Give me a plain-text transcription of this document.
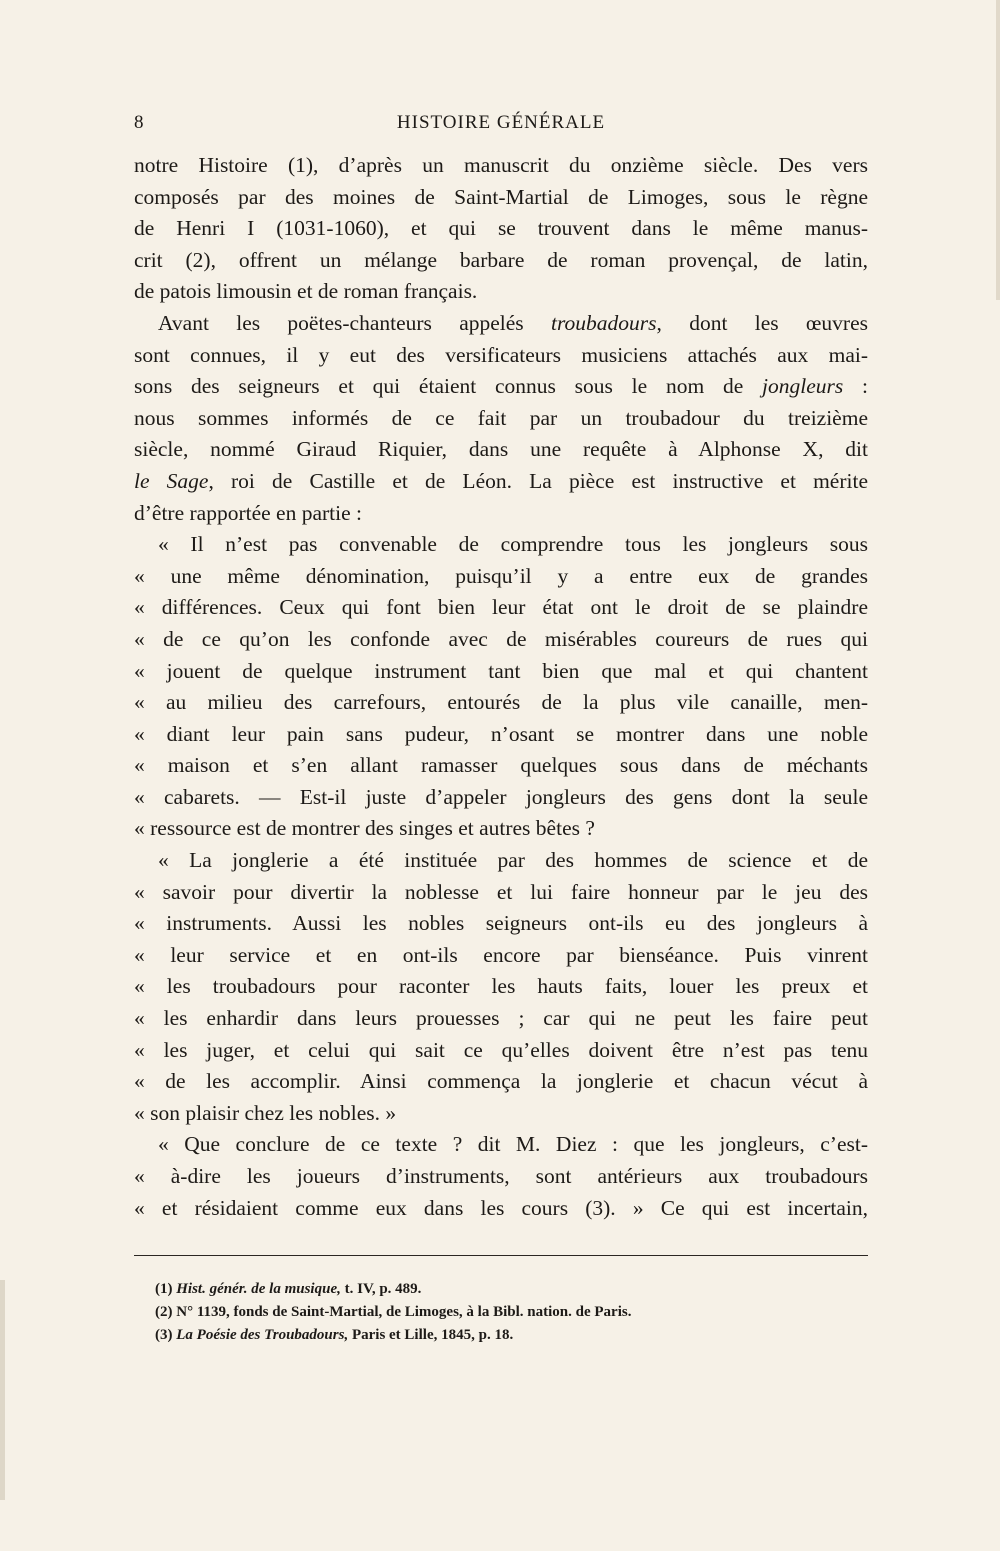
8	HISTOIRE GÉNÉRALE
notre Histoire (1), d’après un manuscrit du onzième siècle. Des vers
composés par des moines de Saint-Martial de Limoges, sous le règne
de Henri I (1031-1060), et qui se trouvent dans le même manus-
crit (2), offrent un mélange barbare de roman provençal, de latin,
de patois limousin et de roman français.
Avant les poëtes-chanteurs appelés troubadours, dont les œuvres
sont connues, il y eut des versificateurs musiciens attachés aux mai-
sons des seigneurs et qui étaient connus sous le nom de jongleurs :
nous sommes informés de ce fait par un troubadour du treizième
siècle, nommé Giraud Riquier, dans une requête à Alphonse X, dit
le Sage, roi de Castille et de Léon. La pièce est instructive et mérite
d’être rapportée en partie :
« Il n’est pas convenable de comprendre tous les jongleurs sous
« une même dénomination, puisqu’il y a entre eux de grandes
« différences. Ceux qui font bien leur état ont le droit de se plaindre
« de ce qu’on les confonde avec de misérables coureurs de rues qui
« jouent de quelque instrument tant bien que mal et qui chantent
« au milieu des carrefours, entourés de la plus vile canaille, men-
« diant leur pain sans pudeur, n’osant se montrer dans une noble
« maison et s’en allant ramasser quelques sous dans de méchants
« cabarets. — Est-il juste d’appeler jongleurs des gens dont la seule
« ressource est de montrer des singes et autres bêtes ?
« La jonglerie a été instituée par des hommes de science et de
« savoir pour divertir la noblesse et lui faire honneur par le jeu des
« instruments. Aussi les nobles seigneurs ont-ils eu des jongleurs à
« leur service et en ont-ils encore par bienséance. Puis vinrent
« les troubadours pour raconter les hauts faits, louer les preux et
« les enhardir dans leurs prouesses ; car qui ne peut les faire peut
« les juger, et celui qui sait ce qu’elles doivent être n’est pas tenu
« de les accomplir. Ainsi commença la jonglerie et chacun vécut à
« son plaisir chez les nobles. »
« Que conclure de ce texte ? dit M. Diez : que les jongleurs, c’est-
« à-dire les joueurs d’instruments, sont antérieurs aux troubadours
« et résidaient comme eux dans les cours (3). » Ce qui est incertain,
(1) Hist. génér. de la musique, t. IV, p. 489.
(2) N° 1139, fonds de Saint-Martial, de Limoges, à la Bibl. nation. de Paris.
(3) La Poésie des Troubadours, Paris et Lille, 1845, p. 18.
